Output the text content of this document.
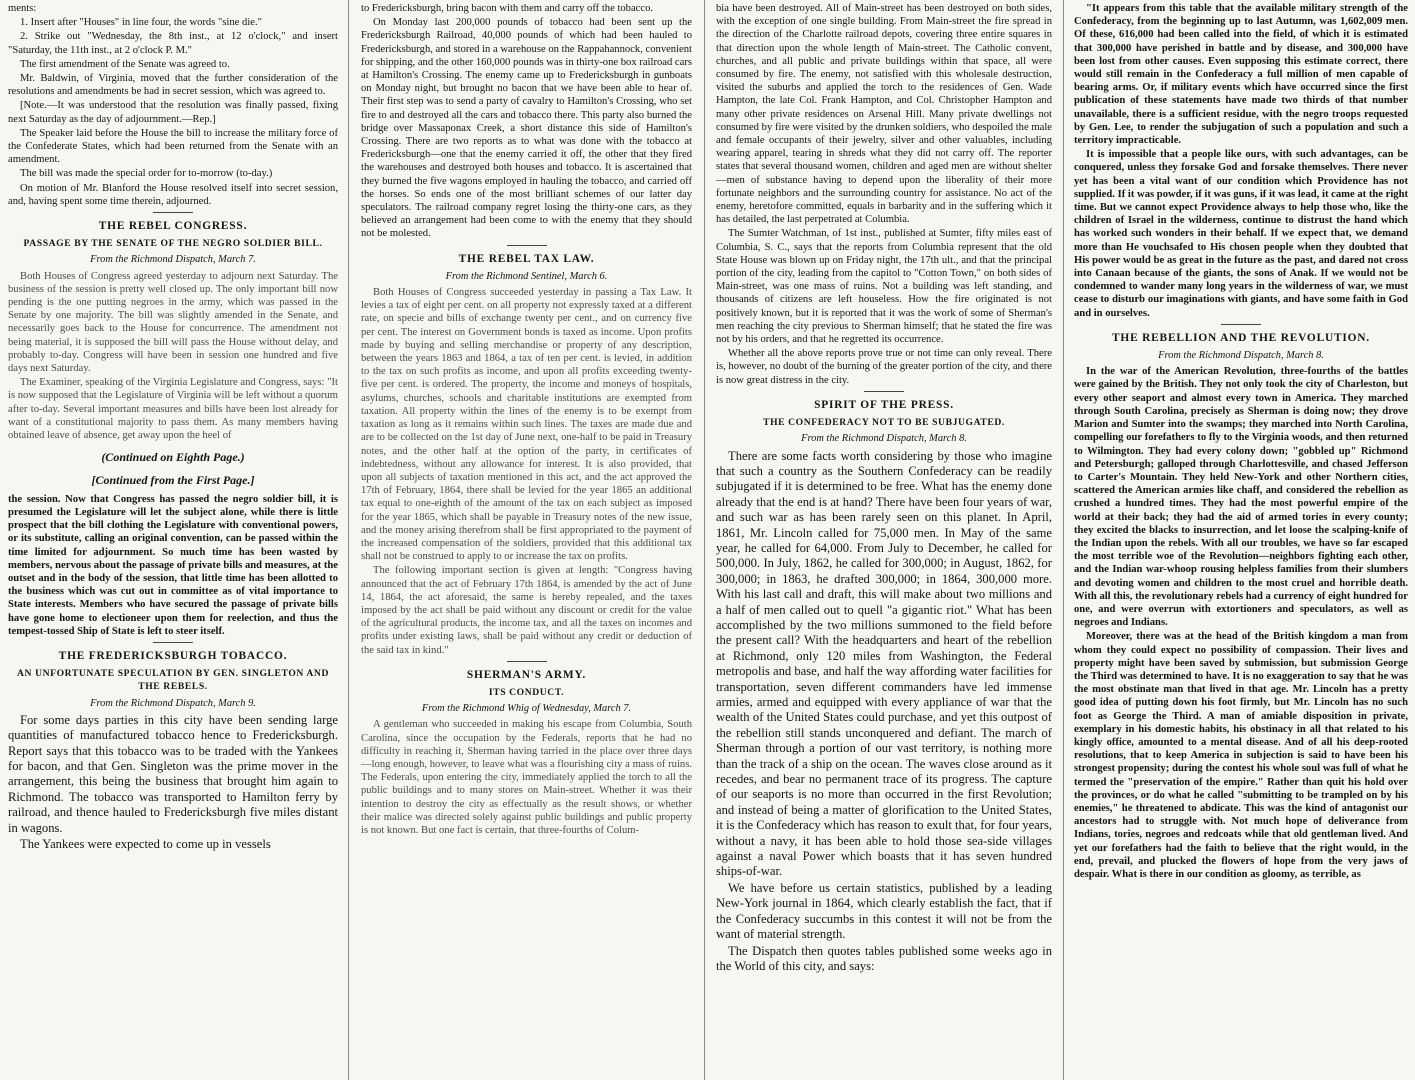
ments:

1. Insert after "Houses" in line four, the words "sine die."

2. Strike out "Wednesday, the 8th inst., at 12 o'clock," and insert "Saturday, the 11th inst., at 2 o'clock P. M."

The first amendment of the Senate was agreed to.

Mr. Baldwin, of Virginia, moved that the further consideration of the resolutions and amendments be had in secret session, which was agreed to.

[Note.—It was understood that the resolution was finally passed, fixing next Saturday as the day of adjournment.—Rep.]

The Speaker laid before the House the bill to increase the military force of the Confederate States, which had been returned from the Senate with an amendment.

The bill was made the special order for to-morrow (to-day.)

On motion of Mr. Blanford the House resolved itself into secret session, and, having spent some time therein, adjourned.

THE REBEL CONGRESS.

PASSAGE BY THE SENATE OF THE NEGRO SOLDIER BILL.

From the Richmond Dispatch, March 7.

Both Houses of Congress agreed yesterday to adjourn next Saturday. The business of the session is pretty well closed up. The only important bill now pending is the one putting negroes in the army, which was passed in the Senate by one majority. The bill was slightly amended in the Senate, and necessarily goes back to the House for concurrence. The amendment not being material, it is supposed the bill will pass the House without delay, and probably to-day. Congress will have been in session one hundred and five days next Saturday.

The Examiner, speaking of the Virginia Legislature and Congress, says: "It is now supposed that the Legislature of Virginia will be left without a quorum after to-day. Several important measures and bills have been lost already for want of a constitutional majority to pass them. As many members having obtained leave of absence, get away upon the heel of

(Continued on Eighth Page.)

[Continued from the First Page.]

the session. Now that Congress has passed the negro soldier bill, it is presumed the Legislature will let the subject alone, while there is little prospect that the bill clothing the Legislature with conventional powers, or its substitute, calling an original convention, can be passed within the time limited for adjournment. So much time has been wasted by members, nervous about the passage of private bills and measures, at the outset and in the body of the session, that little time has been allotted to the business which was cut out in committee as of vital importance to State interests. Members who have secured the passage of private bills have gone home to electioneer upon them for reelection, and thus the tempest-tossed Ship of State is left to steer itself.

THE FREDERICKSBURGH TOBACCO.

AN UNFORTUNATE SPECULATION BY GEN. SINGLETON AND THE REBELS.

From the Richmond Dispatch, March 9.

For some days parties in this city have been sending large quantities of manufactured tobacco hence to Fredericksburgh. Report says that this tobacco was to be traded with the Yankees for bacon, and that Gen. Singleton was the prime mover in the arrangement, this being the business that brought him again to Richmond. The tobacco was transported to Hamilton ferry by railroad, and thence hauled to Fredericksburgh five miles distant in wagons.

The Yankees were expected to come up in vessels

to Fredericksburgh, bring bacon with them and carry off the tobacco.

On Monday last 200,000 pounds of tobacco had been sent up the Fredericksburgh Railroad, 40,000 pounds of which had been hauled to Fredericksburgh, and stored in a warehouse on the Rappahannock, convenient for shipping, and the other 160,000 pounds was in thirty-one box railroad cars at Hamilton's Crossing. The enemy came up to Fredericksburgh in gunboats on Monday night, but brought no bacon that we have been able to hear of. Their first step was to send a party of cavalry to Hamilton's Crossing, who set fire to and destroyed all the cars and tobacco there. This party also burned the bridge over Massaponax Creek, a short distance this side of Hamilton's Crossing. There are two reports as to what was done with the tobacco at Fredericksburgh—one that the enemy carried it off, the other that they fired the warehouses and destroyed both houses and tobacco. It is ascertained that they burned the five wagons employed in hauling the tobacco, and carried off the horses. So ends one of the most brilliant schemes of our latter day speculators. The railroad company regret losing the thirty-one cars, as they believed an arrangement had been come to with the enemy that they should not be molested.

THE REBEL TAX LAW.

From the Richmond Sentinel, March 6.

Both Houses of Congress succeeded yesterday in passing a Tax Law. It levies a tax of eight per cent. on all property not expressly taxed at a different rate, on specie and bills of exchange twenty per cent., and on currency five per cent. The interest on Government bonds is taxed as income. Upon profits made by buying and selling merchandise or property of any description, between the years 1863 and 1864, a tax of ten per cent. is levied, in addition to the tax on such profits as income, and upon all profits exceeding twenty-five per cent. is ordered. The property, the income and moneys of hospitals, asylums, churches, schools and charitable institutions are exempted from taxation. All property within the lines of the enemy is to be exempt from taxation as long as it remains within such lines. The taxes are made due and are to be collected on the 1st day of June next, one-half to be paid in Treasury notes, and the other half at the option of the party, in certificates of indebtedness, without any allowance for interest. It is also provided, that upon all subjects of taxation mentioned in this act, and the act approved the 17th of February, 1864, there shall be levied for the year 1865 an additional tax equal to one-eighth of the amount of the tax on each subject as imposed for the year 1865, which shall be payable in Treasury notes of the new issue, and the money arising therefrom shall be first appropriated to the payment of the increased compensation of the soldiers, provided that this additional tax shall not be construed to apply to or increase the tax on profits.

The following important section is given at length: "Congress having announced that the act of February 17th 1864, is amended by the act of June 14, 1864, the act aforesaid, the same is hereby repealed, and the taxes imposed by the act shall be paid without any discount or credit for the value of the agricultural products, the income tax, and all the taxes on incomes and profits under existing laws, shall be paid without any credit or deduction of the said tax in kind."

SHERMAN'S ARMY.

ITS CONDUCT.

From the Richmond Whig of Wednesday, March 7.

A gentleman who succeeded in making his escape from Columbia, South Carolina, since the occupation by the Federals, reports that he had no difficulty in reaching it, Sherman having tarried in the place over three days—long enough, however, to leave what was a flourishing city a mass of ruins. The Federals, upon entering the city, immediately applied the torch to all the public buildings and to many stores on Main-street. Whether it was their intention to destroy the city as effectually as the result shows, or whether their malice was directed solely against public buildings and public property is not known. But one fact is certain, that three-fourths of Colum-

bia have been destroyed. All of Main-street has been destroyed on both sides, with the exception of one single building. From Main-street the fire spread in the direction of the Charlotte railroad depots, covering three entire squares in that direction upon the whole length of Main-street. The Catholic convent, churches, and all public and private buildings within that space, all were consumed by fire. The enemy, not satisfied with this wholesale destruction, visited the suburbs and applied the torch to the residences of Gen. Wade Hampton, the late Col. Frank Hampton, and Col. Christopher Hampton and many other private residences on Arsenal Hill. Many private dwellings not consumed by fire were visited by the drunken soldiers, who despoiled the male and female occupants of their jewelry, silver and other valuables, including wearing apparel, tearing in shreds what they did not carry off. The reporter states that several thousand women, children and aged men are without shelter—men of substance having to depend upon the liberality of their more fortunate neighbors and the surrounding country for assistance. No act of the enemy, heretofore committed, equals in barbarity and in the suffering which it has detailed, the last perpetrated at Columbia.

The Sumter Watchman, of 1st inst., published at Sumter, fifty miles east of Columbia, S. C., says that the reports from Columbia represent that the old State House was blown up on Friday night, the 17th ult., and that the principal portion of the city, leading from the capitol to "Cotton Town," on both sides of Main-street, was one mass of ruins. Not a building was left standing, and thousands of citizens are left houseless. How the fire originated is not positively known, but it is reported that it was the work of some of Sherman's men reaching the city previous to Sherman himself; that he stated the fire was not by his orders, and that he regretted its occurrence.

Whether all the above reports prove true or not time can only reveal. There is, however, no doubt of the burning of the greater portion of the city, and there is now great distress in the city.

SPIRIT OF THE PRESS.

THE CONFEDERACY NOT TO BE SUBJUGATED.

From the Richmond Dispatch, March 8.

There are some facts worth considering by those who imagine that such a country as the Southern Confederacy can be readily subjugated if it is determined to be free. What has the enemy done already that the end is at hand? There have been four years of war, and such war as has been rarely seen on this planet. In April, 1861, Mr. Lincoln called for 75,000 men. In May of the same year, he called for 64,000. From July to December, he called for 500,000. In July, 1862, he called for 300,000; in August, 1862, for 300,000; in 1863, he drafted 300,000; in 1864, 300,000 more. With his last call and draft, this will make about two millions and a half of men called out to quell "a gigantic riot." What has been accomplished by the two millions summoned to the field before the present call? With the headquarters and heart of the rebellion at Richmond, only 120 miles from Washington, the Federal metropolis and base, and half the way affording water facilities for transportation, seven different commanders have led immense armies, armed and equipped with every appliance of war that the wealth of the United States could purchase, and yet this outpost of the rebellion still stands unconquered and defiant. The march of Sherman through a portion of our vast territory, is nothing more than the track of a ship on the ocean. The waves close around as it recedes, and bear no permanent trace of its progress. The capture of our seaports is no more than occurred in the first Revolution; and instead of being a matter of glorification to the United States, it is the Confederacy which has reason to exult that, for four years, without a navy, it has been able to hold those sea-side villages against a naval Power which boasts that it has seven hundred ships-of-war.

We have before us certain statistics, published by a leading New-York journal in 1864, which clearly establish the fact, that if the Confederacy succumbs in this contest it will not be from the want of material strength.

The Dispatch then quotes tables published some weeks ago in the World of this city, and says:

"It appears from this table that the available military strength of the Confederacy, from the beginning up to last Autumn, was 1,602,009 men. Of these, 616,000 had been called into the field, of which it is estimated that 300,000 have perished in battle and by disease, and 300,000 have been lost from other causes. Even supposing this estimate correct, there would still remain in the Confederacy a full million of men capable of bearing arms. Or, if military events which have occurred since the first publication of these statements have made two thirds of that number unavailable, there is a sufficient residue, with the negro troops requested by Gen. Lee, to render the subjugation of such a population and such a territory impracticable.

It is impossible that a people like ours, with such advantages, can be conquered, unless they forsake God and forsake themselves. There never yet has been a vital want of our condition which Providence has not supplied. If it was powder, if it was guns, if it was lead, it came at the right time. But we cannot expect Providence always to help those who, like the children of Israel in the wilderness, continue to distrust the hand which has worked such wonders in their behalf. If we expect that, we demand more than He vouchsafed to His chosen people when they doubted that His power would be as great in the future as the past, and dared not cross into Canaan because of the giants, the sons of Anak. If we would not be condemned to wander many long years in the wilderness of war, we must cease to disturb our imaginations with giants, and have some faith in God and in ourselves.

THE REBELLION AND THE REVOLUTION.

From the Richmond Dispatch, March 8.

In the war of the American Revolution, three-fourths of the battles were gained by the British. They not only took the city of Charleston, but every other seaport and almost every town in America. They marched through South Carolina, precisely as Sherman is doing now; they drove Marion and Sumter into the swamps; they marched into North Carolina, compelling our forefathers to fly to the Virginia woods, and then returned to Wilmington. They had every colony down; "gobbled up" Richmond and Petersburgh; galloped through Charlottesville, and chased Jefferson to Carter's Mountain. They held New-York and other Northern cities, scattered the American armies like chaff, and considered the rebellion as crushed a hundred times. They had the most powerful empire of the world at their back; they had the aid of armed tories in every county; they excited the blacks to insurrection, and let loose the scalping-knife of the Indian upon the rebels. With all our troubles, we have so far escaped the most terrible woe of the Revolution—neighbors fighting each other, and the Indian war-whoop rousing helpless families from their slumbers and devoting women and children to the most cruel and horrible death. With all this, the revolutionary rebels had a currency of eight hundred for one, and were overrun with extortioners and speculators, as well as negroes and Indians.

Moreover, there was at the head of the British kingdom a man from whom they could expect no possibility of compassion. Their lives and property might have been saved by submission, but submission George the Third was determined to have. It is no exaggeration to say that he was the most obstinate man that lived in that age. Mr. Lincoln has a pretty good idea of putting down his foot firmly, but Mr. Lincoln has no such foot as George the Third. A man of amiable disposition in private, exemplary in his domestic habits, his obstinacy in all that related to his kingly office, amounted to a mental disease. And of all his deep-rooted resolutions, that to keep America in subjection is said to have been his strongest propensity; during the contest his whole soul was full of what he termed the "preservation of the empire." Rather than quit his hold over the provinces, or do what he called "submitting to be trampled on by his enemies," he threatened to abdicate. This was the kind of antagonist our ancestors had to struggle with. Not much hope of deliverance from Indians, tories, negroes and redcoats while that old gentleman lived. And yet our forefathers had the faith to believe that the right would, in the end, prevail, and plucked the flowers of hope from the very jaws of despair. What is there in our condition as gloomy, as terrible, as
